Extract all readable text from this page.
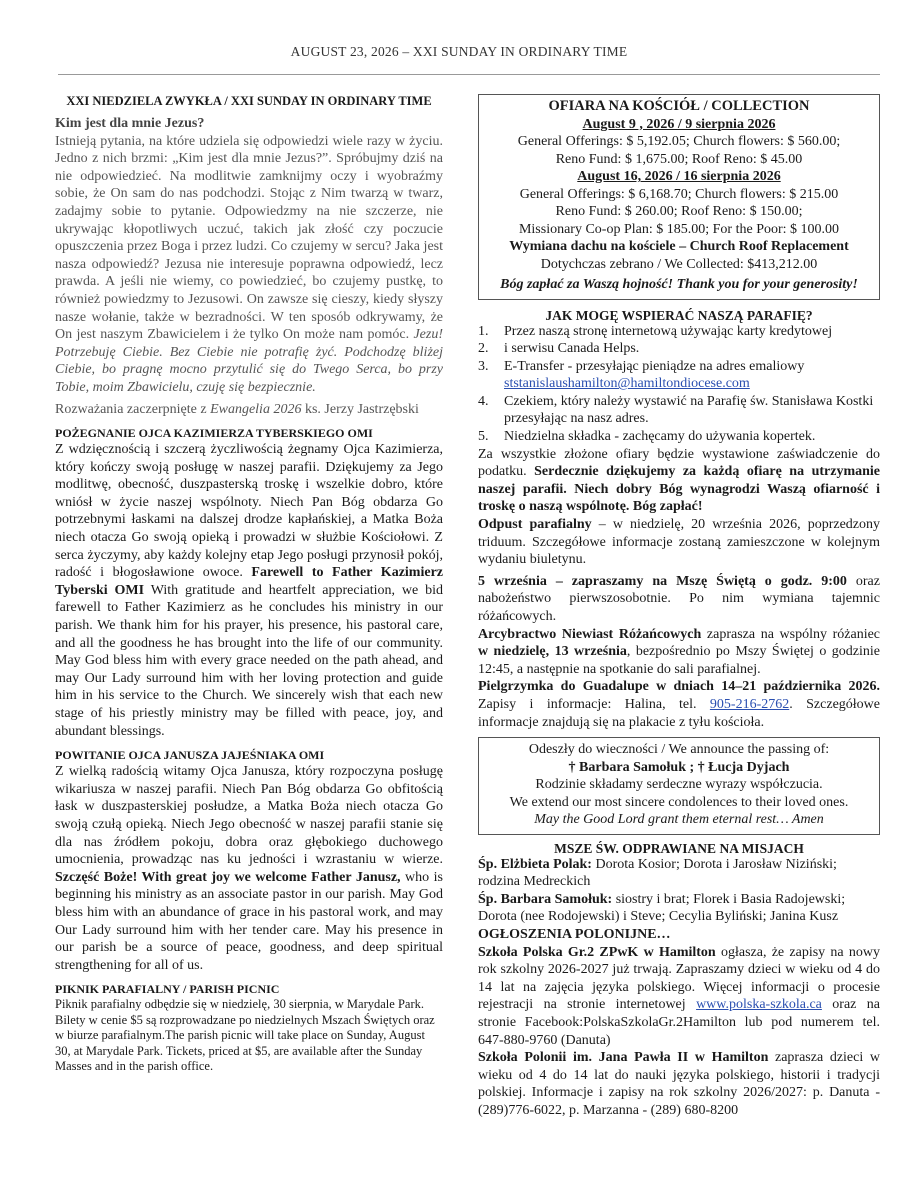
AUGUST 23, 2026 – XXI SUNDAY IN ORDINARY TIME
XXI NIEDZIELA ZWYKŁA / XXI SUNDAY IN ORDINARY TIME

Kim jest dla mnie Jezus?

Istnieją pytania, na które udziela się odpowiedzi wiele razy w życiu. Jedno z nich brzmi: „Kim jest dla mnie Jezus?”. Spróbujmy dziś na nie odpowiedzieć. Na modlitwie zamknijmy oczy i wyobraźmy sobie, że On sam do nas podchodzi. Stojąc z Nim twarzą w twarz, zadajmy sobie to pytanie. Odpowiedzmy na nie szczerze, nie ukrywając kłopotliwych uczuć, takich jak złość czy poczucie opuszczenia przez Boga i przez ludzi. Co czujemy w sercu? Jaka jest nasza odpowiedź? Jezusa nie interesuje poprawna odpowiedź, lecz prawda. A jeśli nie wiemy, co powiedzieć, bo czujemy pustkę, to również powiedzmy to Jezusowi. On zawsze się cieszy, kiedy słyszy nasze wołanie, także w bezradności. W ten sposób odkrywamy, że On jest naszym Zbawicielem i że tylko On może nam pomóc. Jezu! Potrzebuję Ciebie. Bez Ciebie nie potrafię żyć. Podchodzę bliżej Ciebie, bo pragnę mocno przytulić się do Twego Serca, bo przy Tobie, moim Zbawicielu, czuję się bezpiecznie.

Rozważania zaczerpnięte z Ewangelia 2026 ks. Jerzy Jastrzębski

POŻEGNANIE OJCA KAZIMIERZA TYBERSKIEGO OMI

Z wdzięcznością i szczerą życzliwością żegnamy Ojca Kazimierza, który kończy swoją posługę w naszej parafii. Dziękujemy za Jego modlitwę, obecność, duszpasterską troskę i wszelkie dobro, które wniósł w życie naszej wspólnoty. Niech Pan Bóg obdarza Go potrzebnymi łaskami na dalszej drodze kapłańskiej, a Matka Boża niech otacza Go swoją opieką i prowadzi w służbie Kościołowi. Z serca życzymy, aby każdy kolejny etap Jego posługi przynosił pokój, radość i błogosławione owoce. Farewell to Father Kazimierz Tyberski OMI With gratitude and heartfelt appreciation, we bid farewell to Father Kazimierz as he concludes his ministry in our parish. We thank him for his prayer, his presence, his pastoral care, and all the goodness he has brought into the life of our community. May God bless him with every grace needed on the path ahead, and may Our Lady surround him with her loving protection and guide him in his service to the Church. We sincerely wish that each new stage of his priestly ministry may be filled with peace, joy, and abundant blessings.

POWITANIE OJCA JANUSZA JAJEŚNIAKA OMI

Z wielką radością witamy Ojca Janusza, który rozpoczyna posługę wikariusza w naszej parafii. Niech Pan Bóg obdarza Go obfitością łask w duszpasterskiej posłudze, a Matka Boża niech otacza Go swoją czułą opieką. Niech Jego obecność w naszej parafii stanie się dla nas źródłem pokoju, dobra oraz głębokiego duchowego umocnienia, prowadząc nas ku jedności i wzrastaniu w wierze. Szczęść Boże! With great joy we welcome Father Janusz, who is beginning his ministry as an associate pastor in our parish. May God bless him with an abundance of grace in his pastoral work, and may Our Lady surround him with her tender care. May his presence in our parish be a source of peace, goodness, and deep spiritual strengthening for all of us.

PIKNIK PARAFIALNY / PARISH PICNIC

Piknik parafialny odbędzie się w niedzielę, 30 sierpnia, w Marydale Park. Bilety w cenie $5 są rozprowadzane po niedzielnych Mszach Świętych oraz w biurze parafialnym.The parish picnic will take place on Sunday, August 30, at Marydale Park. Tickets, priced at $5, are available after the Sunday Masses and in the parish office.

OFIARA NA KOŚCIÓŁ / COLLECTION
August 9 , 2026 / 9 sierpnia 2026
General Offerings: $ 5,192.05; Church flowers: $ 560.00;
Reno Fund: $ 1,675.00; Roof Reno: $ 45.00
August 16, 2026 / 16 sierpnia 2026
General Offerings: $ 6,168.70; Church flowers: $ 215.00
Reno Fund: $ 260.00; Roof Reno: $ 150.00;
Missionary Co-op Plan: $ 185.00; For the Poor: $ 100.00
Wymiana dachu na kościele – Church Roof Replacement
Dotychczas zebrano / We Collected: $413,212.00
Bóg zapłać za Waszą hojność! Thank you for your generosity!
JAK MOGĘ WSPIERAĆ NASZĄ PARAFIĘ?
1.	Przez naszą stronę internetową używając karty kredytowej
2.	i serwisu Canada Helps.
3.	E-Transfer - przesyłając pieniądze na adres emaliowy
ststanislaushamilton@hamiltondiocese.com
4.	Czekiem, który należy wystawić na Parafię św. Stanisława Kostki przesyłając na nasz adres.
5.	Niedzielna składka - zachęcamy do używania kopertek.

Za wszystkie złożone ofiary będzie wystawione zaświadczenie do podatku. Serdecznie dziękujemy za każdą ofiarę na utrzymanie naszej parafii. Niech dobry Bóg wynagrodzi Waszą ofiarność i troskę o naszą wspólnotę. Bóg zapłać!

Odpust parafialny – w niedzielę, 20 września 2026, poprzedzony triduum. Szczegółowe informacje zostaną zamieszczone w kolejnym wydaniu biuletynu.

5 września – zapraszamy na Mszę Świętą o godz. 9:00 oraz nabożeństwo pierwszosobotnie. Po nim wymiana tajemnic różańcowych.

Arcybractwo Niewiast Różańcowych zaprasza na wspólny różaniec w niedzielę, 13 września, bezpośrednio po Mszy Świętej o godzinie 12:45, a następnie na spotkanie do sali parafialnej.

Pielgrzymka do Guadalupe w dniach 14–21 października 2026. Zapisy i informacje: Halina, tel. 905-216-2762. Szczegółowe informacje znajdują się na plakacie z tyłu kościoła.

Odeszły do wieczności / We announce the passing of:
† Barbara Samołuk ; † Łucja Dyjach
Rodzinie składamy serdeczne wyrazy współczucia.
We extend our most sincere condolences to their loved ones.
May the Good Lord grant them eternal rest… Amen
MSZE ŚW. ODPRAWIANE NA MISJACH

Śp. Elżbieta Polak: Dorota Kosior; Dorota i Jarosław Niziński; rodzina Medreckich

Śp. Barbara Samołuk: siostry i brat; Florek i Basia Radojewski; Dorota (nee Rodojewski) i Steve; Cecylia Byliński; Janina Kusz

OGŁOSZENIA POLONIJNE…

Szkoła Polska Gr.2 ZPwK w Hamilton ogłasza, że zapisy na nowy rok szkolny 2026-2027 już trwają. Zapraszamy dzieci w wieku od 4 do 14 lat na zajęcia języka polskiego. Więcej informacji o procesie rejestracji na stronie internetowej www.polska-szkola.ca oraz na stronie Facebook:PolskaSzkolaGr.2Hamilton lub pod numerem tel. 647-880-9760 (Danuta)

Szkoła Polonii im. Jana Pawła II w Hamilton zaprasza dzieci w wieku od 4 do 14 lat do nauki języka polskiego, historii i tradycji polskiej. Informacje i zapisy na rok szkolny 2026/2027: p. Danuta - (289)776-6022, p. Marzanna - (289) 680-8200
